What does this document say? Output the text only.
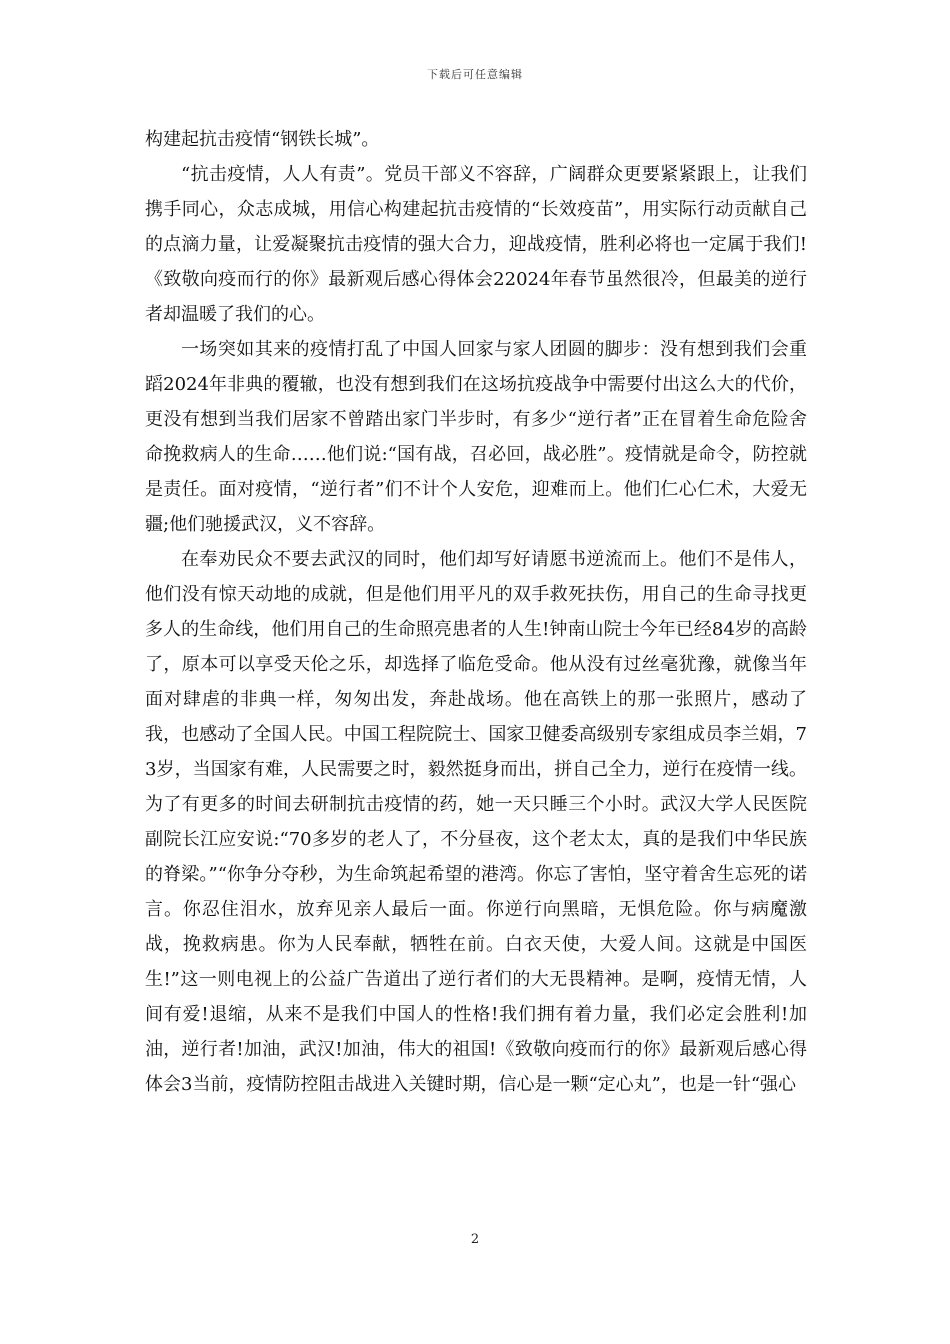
下载后可任意编辑

构建起抗击疫情“钢铁长城”。

“抗击疫情，人人有责”。党员干部义不容辞，广阔群众更要紧紧跟上，让我们携手同心，众志成城，用信心构建起抗击疫情的“长效疫苗”，用实际行动贡献自己的点滴力量，让爱凝聚抗击疫情的强大合力，迎战疫情，胜利必将也一定属于我们!《致敬向疫而行的你》最新观后感心得体会22024年春节虽然很冷，但最美的逆行者却温暖了我们的心。

一场突如其来的疫情打乱了中国人回家与家人团圆的脚步：没有想到我们会重蹈2024年非典的覆辙，也没有想到我们在这场抗疫战争中需要付出这么大的代价，更没有想到当我们居家不曾踏出家门半步时，有多少“逆行者”正在冒着生命危险舍命挽救病人的生命……他们说:“国有战，召必回，战必胜”。疫情就是命令，防控就是责任。面对疫情，“逆行者”们不计个人安危，迎难而上。他们仁心仁术，大爱无疆;他们驰援武汉，义不容辞。

在奉劝民众不要去武汉的同时，他们却写好请愿书逆流而上。他们不是伟人，他们没有惊天动地的成就，但是他们用平凡的双手救死扶伤，用自己的生命寻找更多人的生命线，他们用自己的生命照亮患者的人生!钟南山院士今年已经84岁的高龄了，原本可以享受天伦之乐，却选择了临危受命。他从没有过丝毫犹豫，就像当年面对肆虐的非典一样，匆匆出发，奔赴战场。他在高铁上的那一张照片，感动了我，也感动了全国人民。中国工程院院士、国家卫健委高级别专家组成员李兰娟，73岁，当国家有难，人民需要之时，毅然挺身而出，拼自己全力，逆行在疫情一线。为了有更多的时间去研制抗击疫情的药，她一天只睡三个小时。武汉大学人民医院副院长江应安说:“70多岁的老人了，不分昼夜，这个老太太，真的是我们中华民族的脊梁。”“你争分夺秒，为生命筑起希望的港湾。你忘了害怕，坚守着舍生忘死的诺言。你忍住泪水，放弃见亲人最后一面。你逆行向黑暗，无惧危险。你与病魔激战，挽救病患。你为人民奉献，牺牲在前。白衣天使，大爱人间。这就是中国医生!”这一则电视上的公益广告道出了逆行者们的大无畏精神。是啊，疫情无情，人间有爱!退缩，从来不是我们中国人的性格!我们拥有着力量，我们必定会胜利!加油，逆行者!加油，武汉!加油，伟大的祖国!《致敬向疫而行的你》最新观后感心得体会3当前，疫情防控阻击战进入关键时期，信心是一颗“定心丸”，也是一针“强心

2
